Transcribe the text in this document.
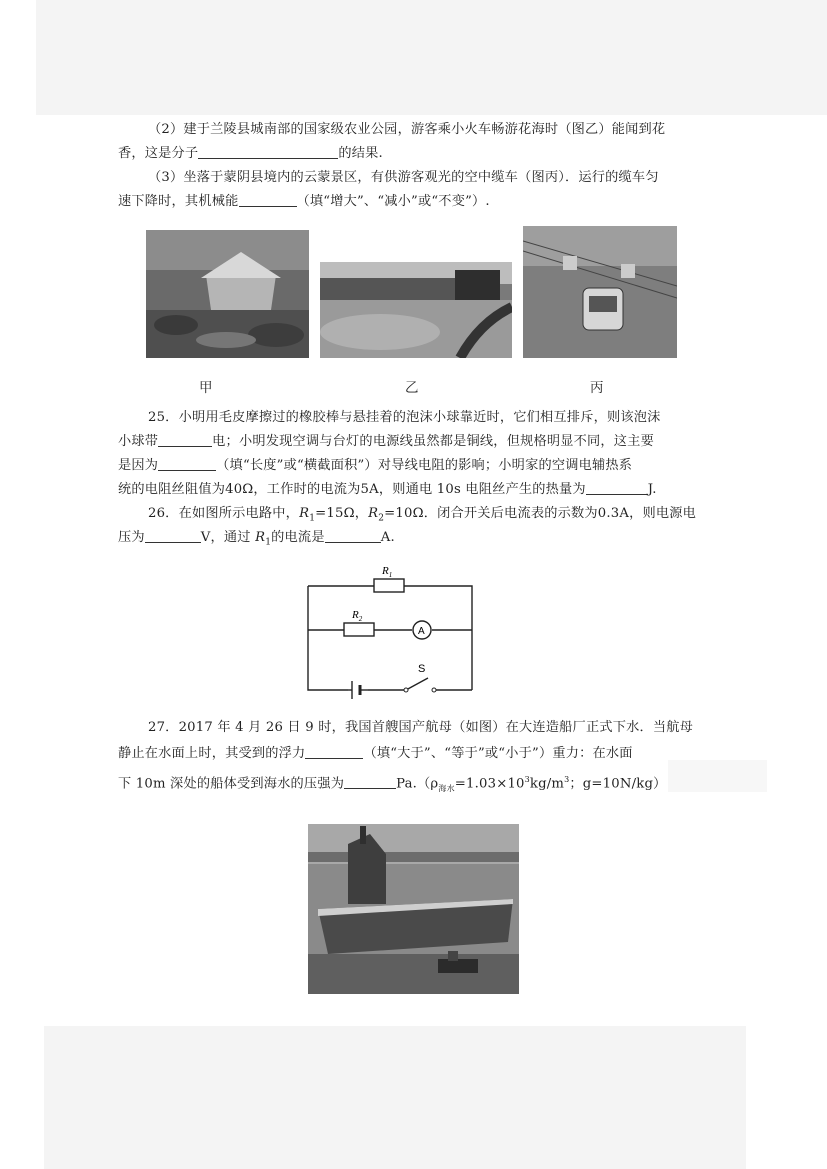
（2）建于兰陵县城南部的国家级农业公园，游客乘小火车畅游花海时（图乙）能闻到花
香，这是分子	的结果.
（3）坐落于蒙阴县境内的云蒙景区，有供游客观光的空中缆车（图丙）．运行的缆车匀
速下降时，其机械能	（填“增大”、“减小”或“不变”）.
甲	乙	丙
25．小明用毛皮摩擦过的橡胶棒与悬挂着的泡沫小球靠近时，它们相互排斥，则该泡沫
小球带	电；小明发现空调与台灯的电源线虽然都是铜线，但规格明显不同，这主要
是因为	（填“长度”或“横截面积”）对导线电阻的影响；小明家的空调电辅热系
统的电阻丝阻值为40Ω，工作时的电流为5A，则通电 10s 电阻丝产生的热量为	J.
26．在如图所示电路中，$R_1=15\Omega$，$R_2=10\Omega$．闭合开关后电流表的示数为0.3A，则电源电
压为	V，通过 $R_1$的电流是	A.
$R_1$
$R_2$
A
S
27．2017 年 4 月 26 日 9 时，我国首艘国产航母（如图）在大连造船厂正式下水．当航母
静止在水面上时，其受到的浮力	（填“大于”、“等于”或“小于”）重力：在水面
下 10m 深处的船体受到海水的压强为	$Pa.(\rho_{海水}=1.03\times 10^3kg/m^3$；g=10N/kg）
